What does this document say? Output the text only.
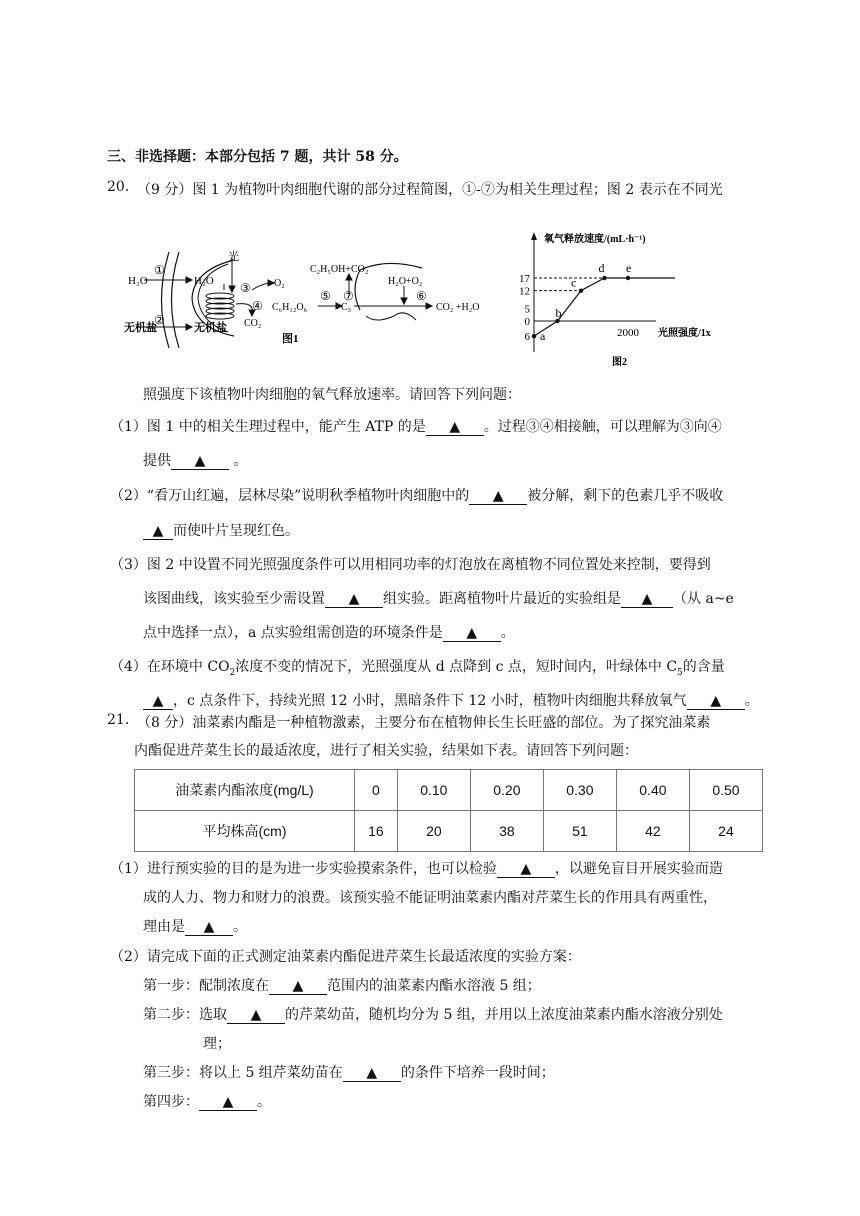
三、非选择题：本部分包括 7 题，共计 58 分。
20. （9 分）图 1 为植物叶肉细胞代谢的部分过程简图，①-⑦为相关生理过程；图 2 表示在不同光
H₂O
①
②
H₂O
光
③ O₂
④ C₆H₁₂O₆
CO₂
⑤
C₃
C₂H₅OH+CO₂
⑦
H₂O+O₂
⑥
CO₂ +H₂O
无机盐	无机盐
图1
氧气释放速度/(mL·h⁻¹)
光照强度/1x
图2
6
0
5
12
17
2000
a
b
c
d e
照强度下该植物叶肉细胞的氧气释放速率。请回答下列问题：
（1）图 1 中的相关生理过程中，能产生 ATP 的是 ▲ 。过程③④相接触，可以理解为③向④
提供 ▲ 。
（2）“看万山红遍，层林尽染”说明秋季植物叶肉细胞中的 ▲ 被分解，剩下的色素几乎不吸收
▲ 而使叶片呈现红色。
（3）图 2 中设置不同光照强度条件可以用相同功率的灯泡放在离植物不同位置处来控制，要得到
该图曲线，该实验至少需设置 ▲ 组实验。距离植物叶片最近的实验组是 ▲ （从 a~e
点中选择一点），a 点实验组需创造的环境条件是 ▲ 。
（4）在环境中 $CO_2$浓度不变的情况下，光照强度从 d 点降到 c 点，短时间内，叶绿体中 $C_5$的含量
▲ ，c 点条件下，持续光照 12 小时，黑暗条件下 12 小时，植物叶肉细胞共释放氧气 ▲ 。
21. （8 分）油菜素内酯是一种植物激素，主要分布在植物伸长生长旺盛的部位。为了探究油菜素
内酯促进芹菜生长的最适浓度，进行了相关实验，结果如下表。请回答下列问题：
油菜素内酯浓度(mg/L)	0	0.10	0.20	0.30	0.40	0.50
平均株高(cm)	16	20	38	51	42	24
（1）进行预实验的目的是为进一步实验摸索条件，也可以检验 ▲ ，以避免盲目开展实验而造
成的人力、物力和财力的浪费。该预实验不能证明油菜素内酯对芹菜生长的作用具有两重性，
理由是 ▲ 。
（2）请完成下面的正式测定油菜素内酯促进芹菜生长最适浓度的实验方案：
第一步：配制浓度在 ▲ 范围内的油菜素内酯水溶液 5 组；
第二步：选取 ▲ 的芹菜幼苗，随机均分为 5 组，并用以上浓度油菜素内酯水溶液分别处
理；
第三步：将以上 5 组芹菜幼苗在 ▲ 的条件下培养一段时间；
第四步： ▲ 。
